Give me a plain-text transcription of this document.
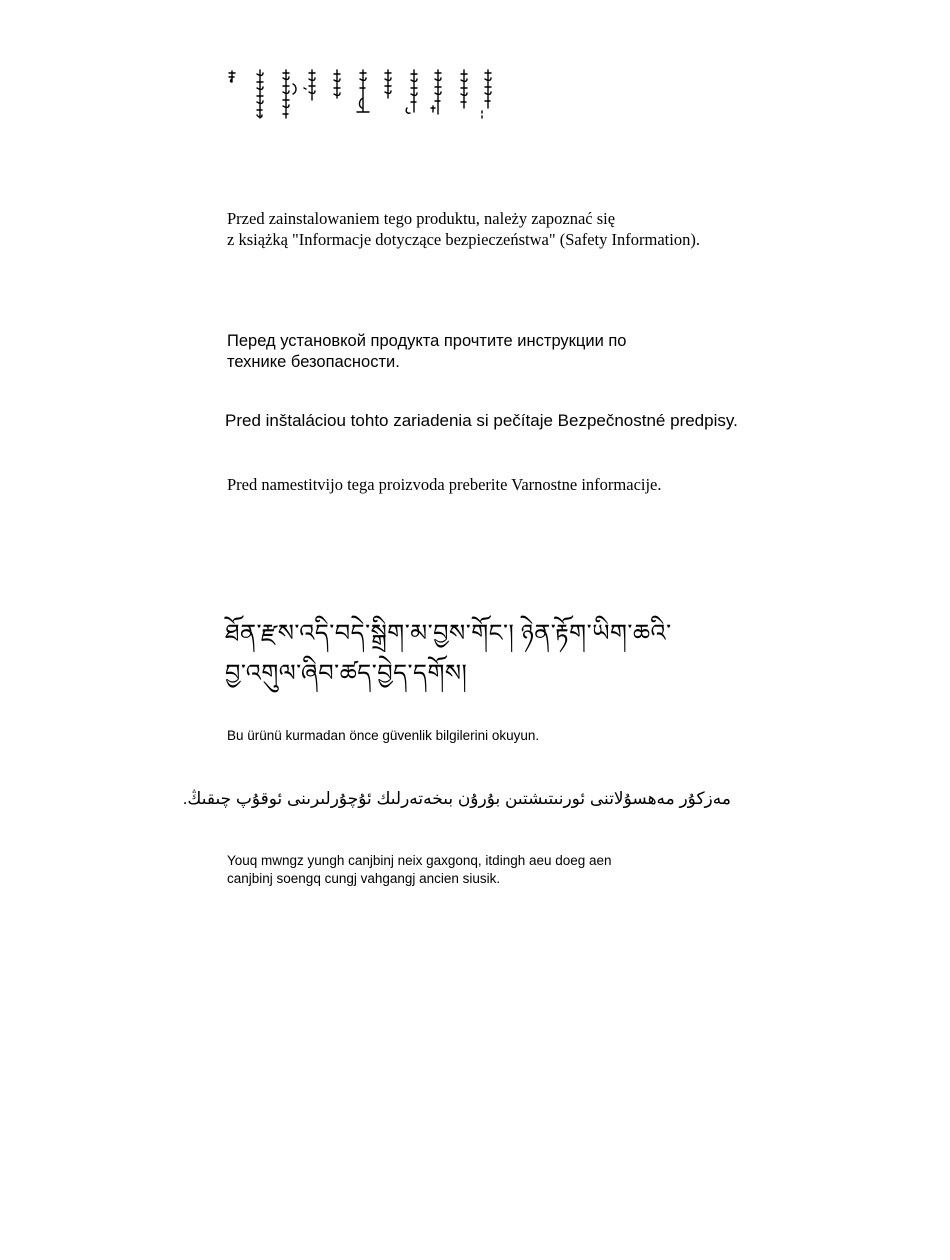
Przed zainstalowaniem tego produktu, należy zapoznać się
z książką "Informacje dotyczące bezpieczeństwa" (Safety Information).

Перед установкой продукта прочтите инструкции по
технике безопасности.

Pred inštaláciou tohto zariadenia si pečítaje Bezpečnostné predpisy.

Pred namestitvijo tega proizvoda preberite Varnostne informacije.

ཐོན་རྫས་འདི་བདེ་སྒྲིག་མ་བྱས་གོང་། ཉེན་རྟོག་ཡིག་ཆའི་
བྱ་འགུལ་ཞིབ་ཚད་བྱེད་དགོས།

Bu ürünü kurmadan önce güvenlik bilgilerini okuyun.

مەزكۇر مەھسۇلاتنى ئورنىتىشتىن بۇرۇن بىخەتەرلىك ئۇچۇرلىرىنى ئوقۇپ چىقىڭ.

Youq mwngz yungh canjbinj neix gaxgonq, itdingh aeu doeg aen
canjbinj soengq cungj vahgangj ancien siusik.
